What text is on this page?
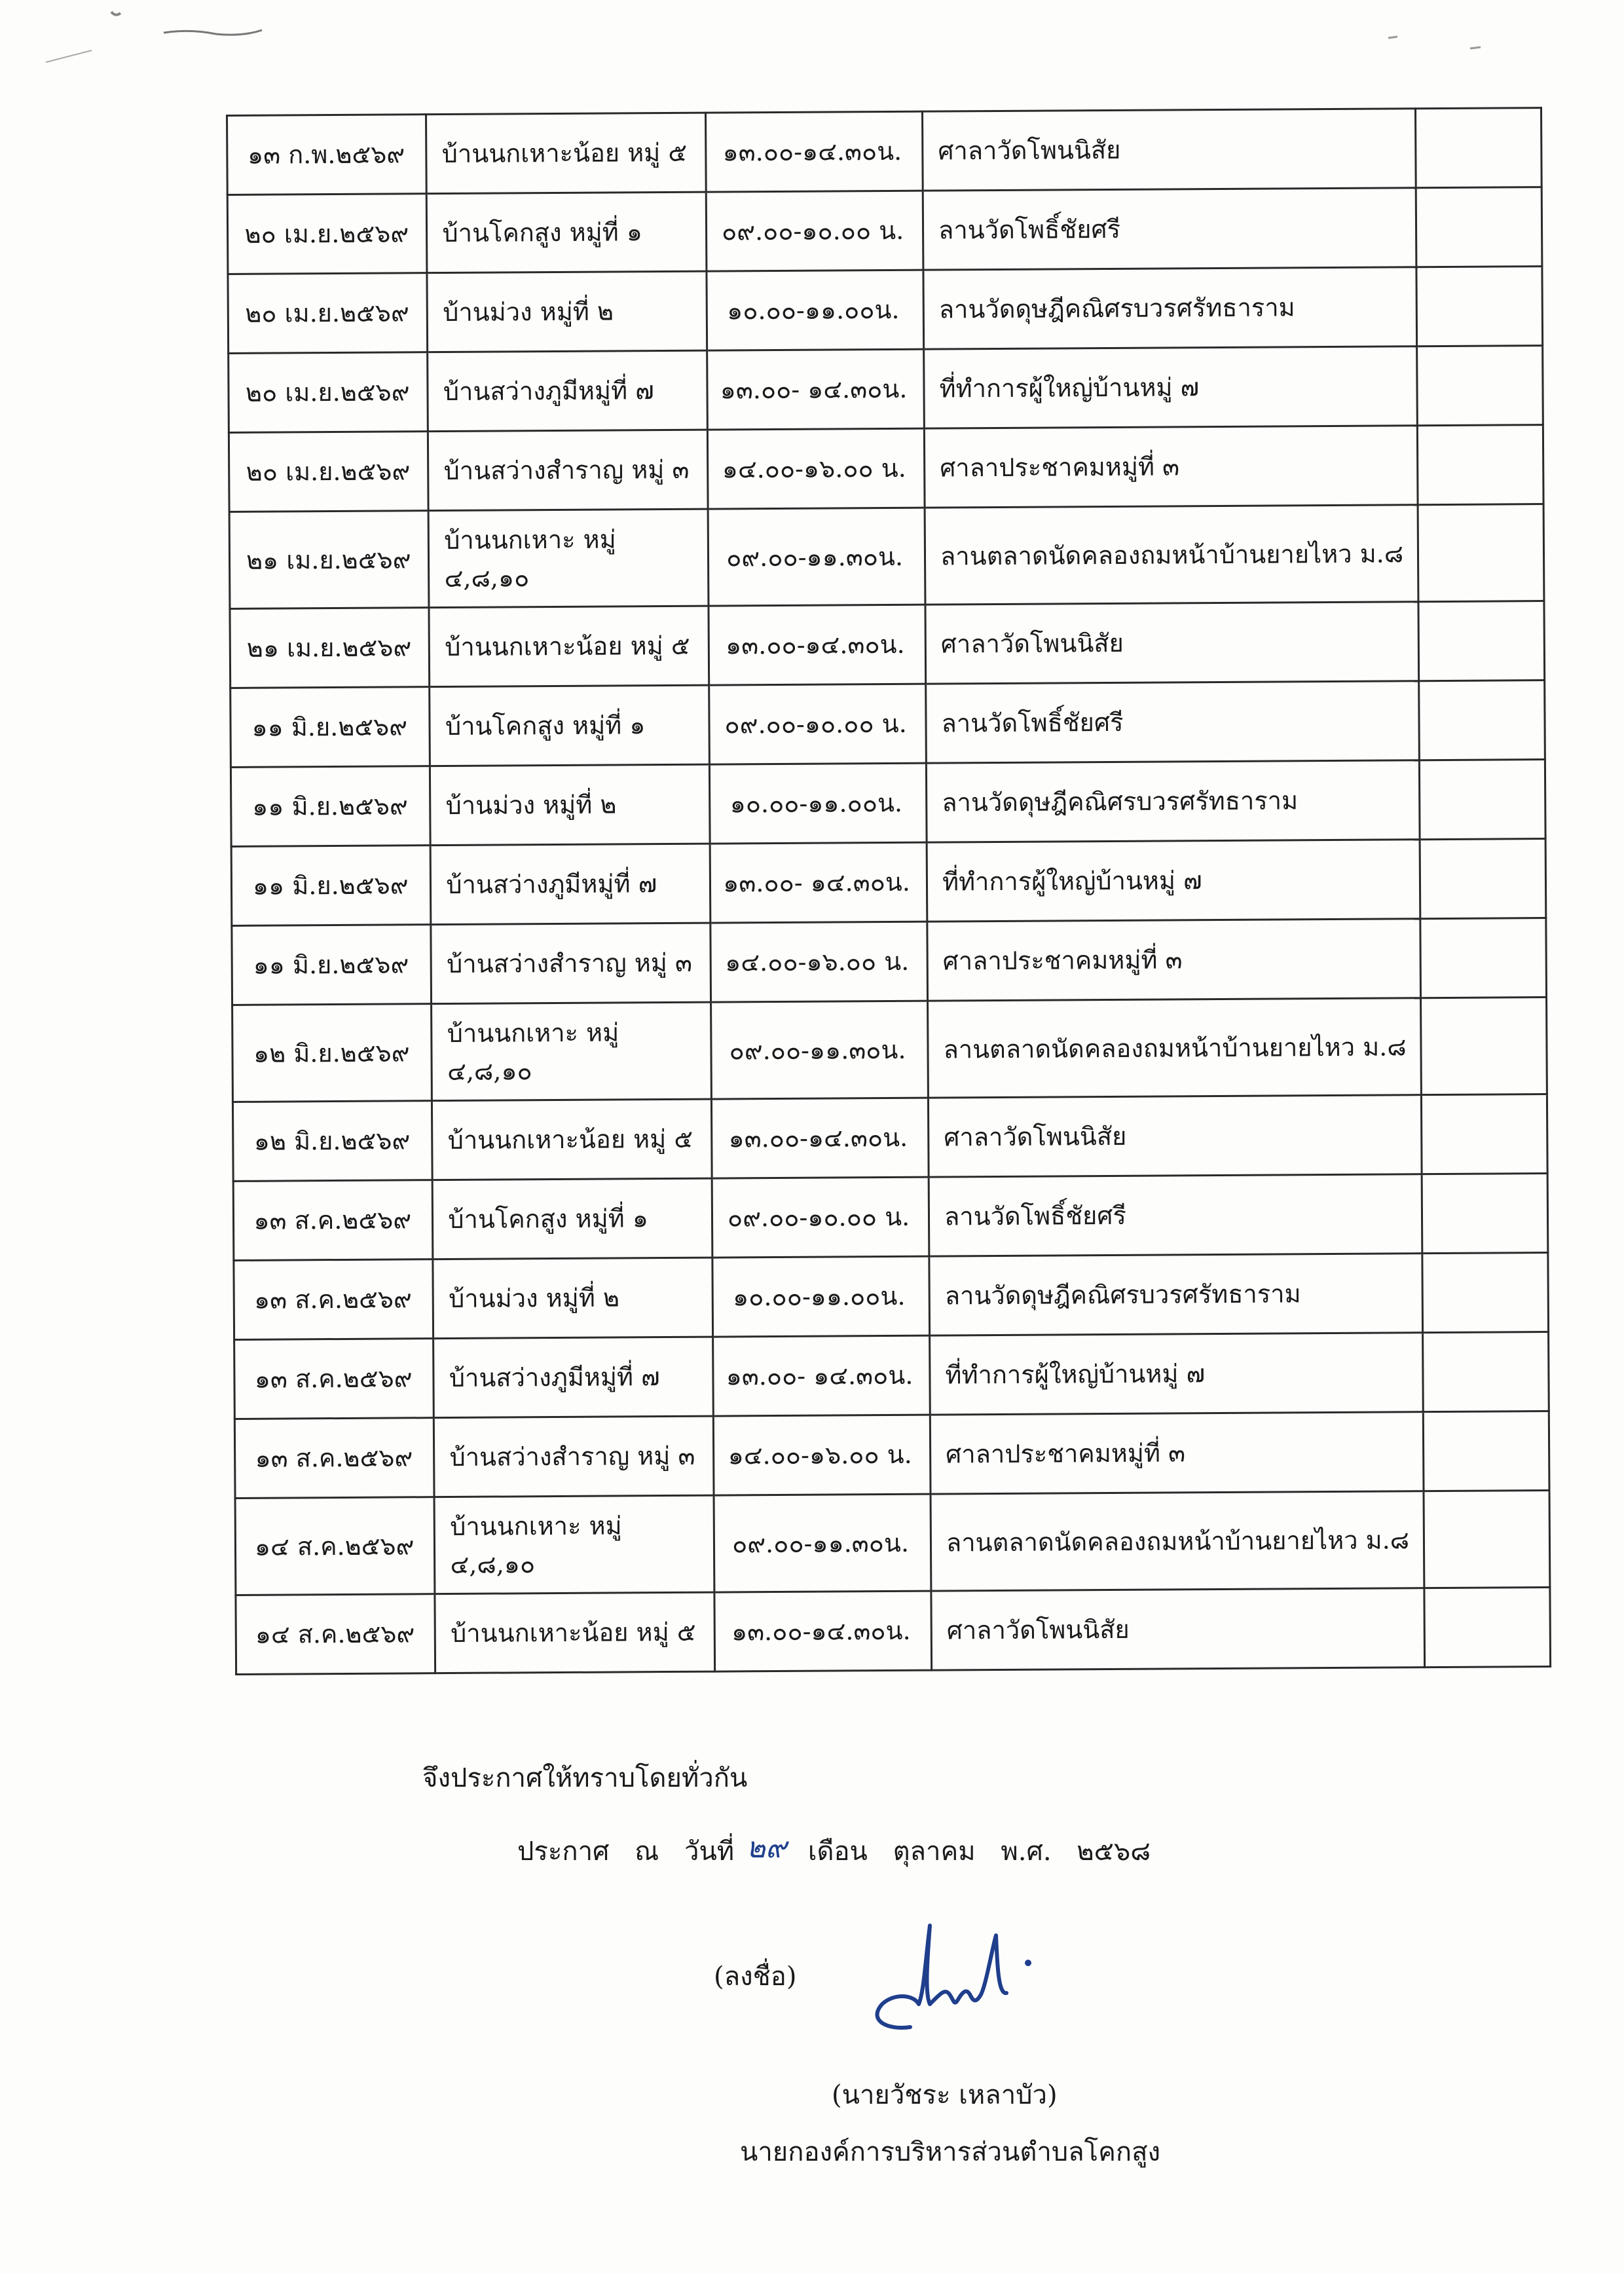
๑๓ ก.พ.๒๕๖๙	บ้านนกเหาะน้อย หมู่ ๕	๑๓.๐๐-๑๔.๓๐น.	ศาลาวัดโพนนิสัย	
๒๐ เม.ย.๒๕๖๙	บ้านโคกสูง หมู่ที่ ๑	๐๙.๐๐-๑๐.๐๐ น.	ลานวัดโพธิ์ชัยศรี	
๒๐ เม.ย.๒๕๖๙	บ้านม่วง หมู่ที่ ๒	๑๐.๐๐-๑๑.๐๐น.	ลานวัดดุษฎีคณิศรบวรศรัทธาราม	
๒๐ เม.ย.๒๕๖๙	บ้านสว่างภูมีหมู่ที่ ๗	๑๓.๐๐- ๑๔.๓๐น.	ที่ทำการผู้ใหญ่บ้านหมู่ ๗	
๒๐ เม.ย.๒๕๖๙	บ้านสว่างสำราญ หมู่ ๓	๑๔.๐๐-๑๖.๐๐ น.	ศาลาประชาคมหมู่ที่ ๓	
๒๑ เม.ย.๒๕๖๙	บ้านนกเหาะ หมู่ ๔,๘,๑๐	๐๙.๐๐-๑๑.๓๐น.	ลานตลาดนัดคลองถมหน้าบ้านยายไหว ม.๘	
๒๑ เม.ย.๒๕๖๙	บ้านนกเหาะน้อย หมู่ ๕	๑๓.๐๐-๑๔.๓๐น.	ศาลาวัดโพนนิสัย	
๑๑ มิ.ย.๒๕๖๙	บ้านโคกสูง หมู่ที่ ๑	๐๙.๐๐-๑๐.๐๐ น.	ลานวัดโพธิ์ชัยศรี	
๑๑ มิ.ย.๒๕๖๙	บ้านม่วง หมู่ที่ ๒	๑๐.๐๐-๑๑.๐๐น.	ลานวัดดุษฎีคณิศรบวรศรัทธาราม	
๑๑ มิ.ย.๒๕๖๙	บ้านสว่างภูมีหมู่ที่ ๗	๑๓.๐๐- ๑๔.๓๐น.	ที่ทำการผู้ใหญ่บ้านหมู่ ๗	
๑๑ มิ.ย.๒๕๖๙	บ้านสว่างสำราญ หมู่ ๓	๑๔.๐๐-๑๖.๐๐ น.	ศาลาประชาคมหมู่ที่ ๓	
๑๒ มิ.ย.๒๕๖๙	บ้านนกเหาะ หมู่ ๔,๘,๑๐	๐๙.๐๐-๑๑.๓๐น.	ลานตลาดนัดคลองถมหน้าบ้านยายไหว ม.๘	
๑๒ มิ.ย.๒๕๖๙	บ้านนกเหาะน้อย หมู่ ๕	๑๓.๐๐-๑๔.๓๐น.	ศาลาวัดโพนนิสัย	
๑๓ ส.ค.๒๕๖๙	บ้านโคกสูง หมู่ที่ ๑	๐๙.๐๐-๑๐.๐๐ น.	ลานวัดโพธิ์ชัยศรี	
๑๓ ส.ค.๒๕๖๙	บ้านม่วง หมู่ที่ ๒	๑๐.๐๐-๑๑.๐๐น.	ลานวัดดุษฎีคณิศรบวรศรัทธาราม	
๑๓ ส.ค.๒๕๖๙	บ้านสว่างภูมีหมู่ที่ ๗	๑๓.๐๐- ๑๔.๓๐น.	ที่ทำการผู้ใหญ่บ้านหมู่ ๗	
๑๓ ส.ค.๒๕๖๙	บ้านสว่างสำราญ หมู่ ๓	๑๔.๐๐-๑๖.๐๐ น.	ศาลาประชาคมหมู่ที่ ๓	
๑๔ ส.ค.๒๕๖๙	บ้านนกเหาะ หมู่ ๔,๘,๑๐	๐๙.๐๐-๑๑.๓๐น.	ลานตลาดนัดคลองถมหน้าบ้านยายไหว ม.๘	
๑๔ ส.ค.๒๕๖๙	บ้านนกเหาะน้อย หมู่ ๕	๑๓.๐๐-๑๔.๓๐น.	ศาลาวัดโพนนิสัย	
จึงประกาศให้ทราบโดยทั่วกัน
ประกาศ ณ วันที่ ๒๙ เดือน ตุลาคม พ.ศ. ๒๕๖๘
(ลงชื่อ)
(นายวัชระ เหลาบัว)
นายกองค์การบริหารส่วนตำบลโคกสูง
